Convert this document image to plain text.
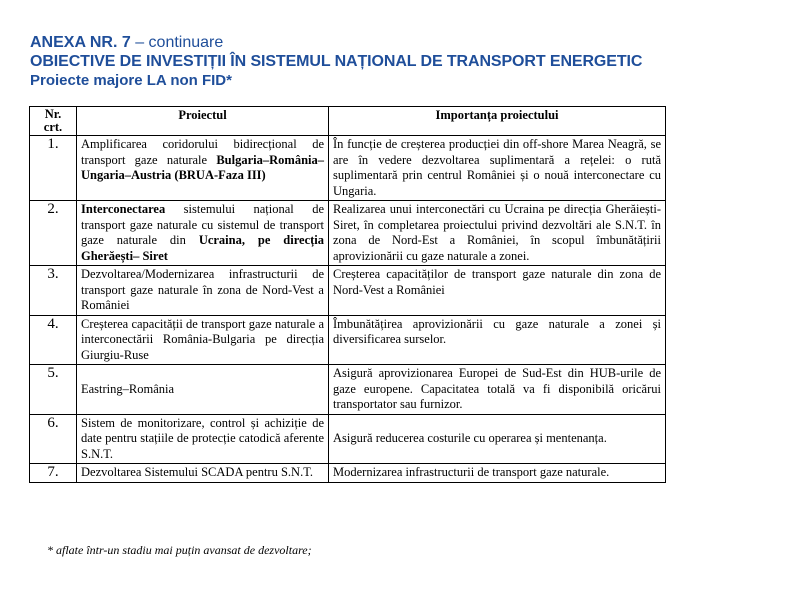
ANEXA NR. 7 – continuare
OBIECTIVE DE INVESTIȚII ÎN SISTEMUL NAȚIONAL DE TRANSPORT ENERGETIC
Proiecte majore LA non FID*
Nr. crt.	Proiectul	Importanța proiectului
1.	Amplificarea coridorului bidirecțional de transport gaze naturale Bulgaria–România– Ungaria–Austria (BRUA-Faza III)	În funcție de creșterea producției din off-shore Marea Neagră, se are în vedere dezvoltarea suplimentară a rețelei: o rută suplimentară prin centrul României și o nouă interconectare cu Ungaria.
2.	Interconectarea sistemului național de transport gaze naturale cu sistemul de transport gaze naturale din Ucraina, pe direcția Gherăești– Siret	Realizarea unui interconectări cu Ucraina pe direcția Gherăiești-Siret, în completarea proiectului privind dezvoltări ale S.N.T. în zona de Nord-Est a României, în scopul îmbunătățirii aprovizionării cu gaze naturale a zonei.
3.	Dezvoltarea/Modernizarea infrastructurii de transport gaze naturale în zona de Nord-Vest a României	Creșterea capacităților de transport gaze naturale din zona de Nord-Vest a României
4.	Creșterea capacității de transport gaze naturale a interconectării România-Bulgaria pe direcția Giurgiu-Ruse	Îmbunătățirea aprovizionării cu gaze naturale a zonei și diversificarea surselor.
5.	Eastring–România	Asigură aprovizionarea Europei de Sud-Est din HUB-urile de gaze europene. Capacitatea totală va fi disponibilă oricărui transportator sau furnizor.
6.	Sistem de monitorizare, control și achiziție de date pentru stațiile de protecție catodică aferente S.N.T.	Asigură reducerea costurile cu operarea și mentenanța.
7.	Dezvoltarea Sistemului SCADA pentru S.N.T.	Modernizarea infrastructurii de transport gaze naturale.
* aflate într-un stadiu mai puțin avansat de dezvoltare;
